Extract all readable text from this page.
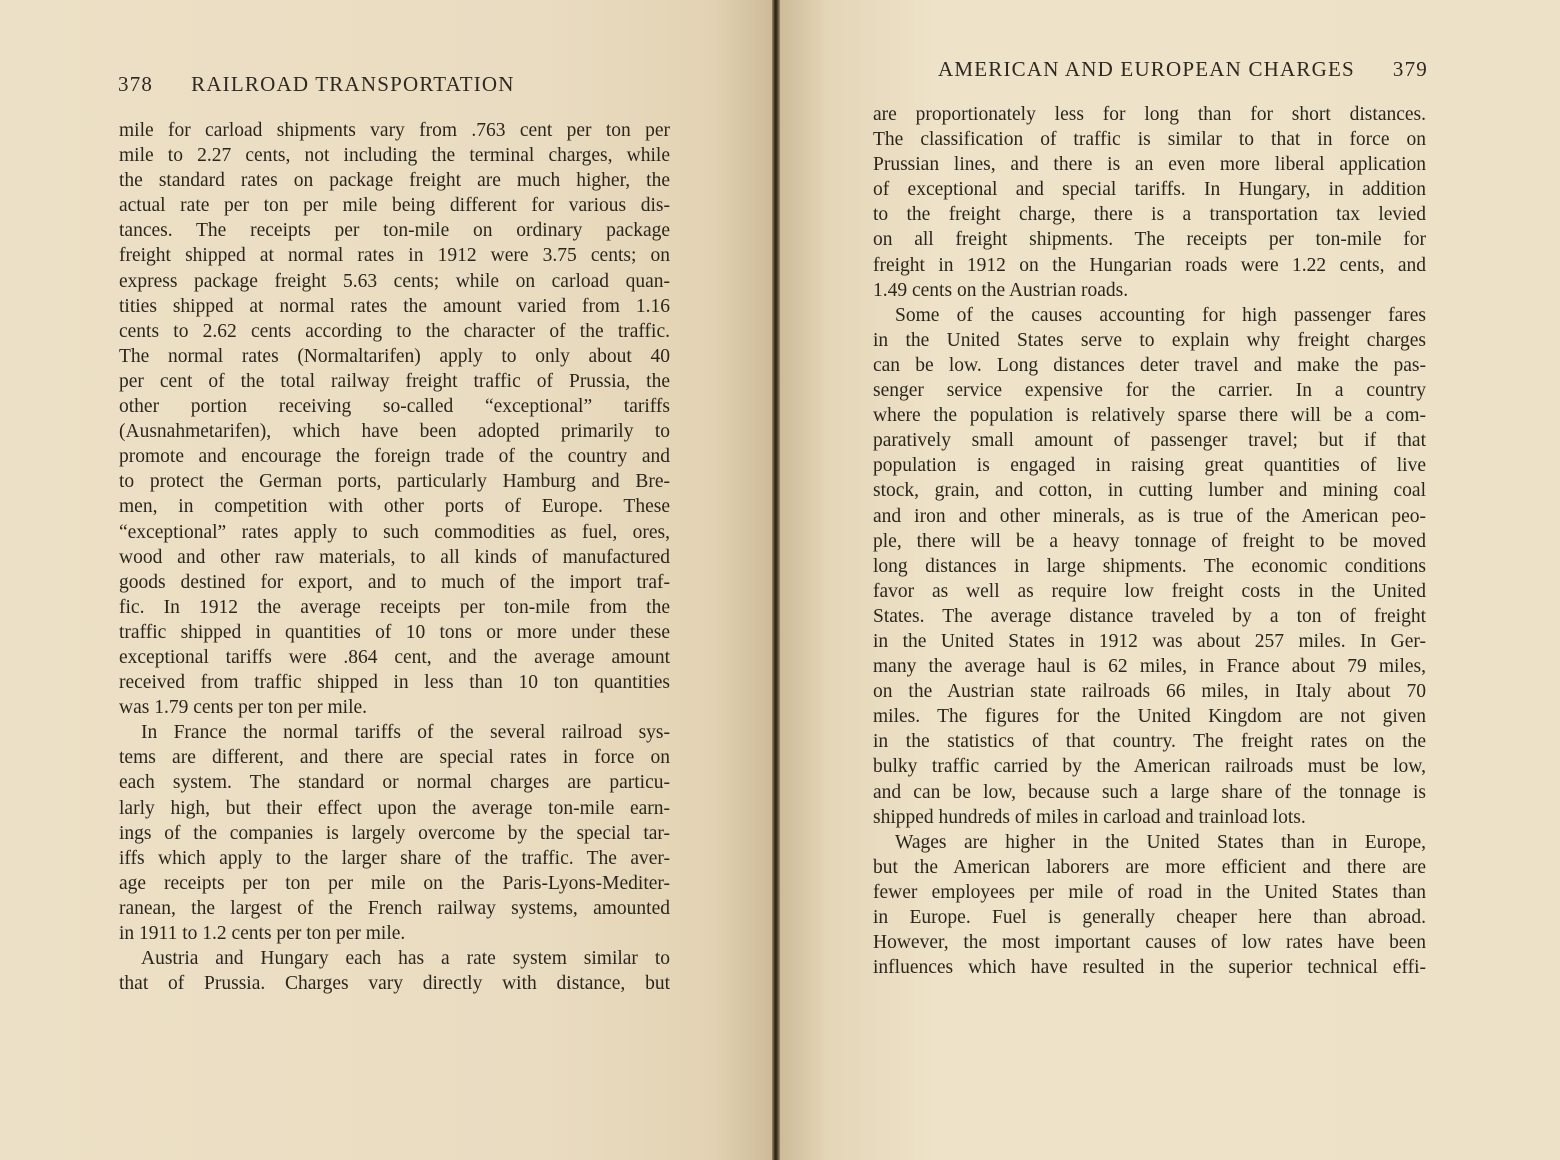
378 RAILROAD TRANSPORTATION
mile for carload shipments vary from .763 cent per ton per
mile to 2.27 cents, not including the terminal charges, while
the standard rates on package freight are much higher, the
actual rate per ton per mile being different for various dis-
tances. The receipts per ton-mile on ordinary package
freight shipped at normal rates in 1912 were 3.75 cents; on
express package freight 5.63 cents; while on carload quan-
tities shipped at normal rates the amount varied from 1.16
cents to 2.62 cents according to the character of the traffic.
The normal rates (Normaltarifen) apply to only about 40
per cent of the total railway freight traffic of Prussia, the
other portion receiving so-called “exceptional” tariffs
(Ausnahmetarifen), which have been adopted primarily to
promote and encourage the foreign trade of the country and
to protect the German ports, particularly Hamburg and Bre-
men, in competition with other ports of Europe. These
“exceptional” rates apply to such commodities as fuel, ores,
wood and other raw materials, to all kinds of manufactured
goods destined for export, and to much of the import traf-
fic. In 1912 the average receipts per ton-mile from the
traffic shipped in quantities of 10 tons or more under these
exceptional tariffs were .864 cent, and the average amount
received from traffic shipped in less than 10 ton quantities
was 1.79 cents per ton per mile.
In France the normal tariffs of the several railroad sys-
tems are different, and there are special rates in force on
each system. The standard or normal charges are particu-
larly high, but their effect upon the average ton-mile earn-
ings of the companies is largely overcome by the special tar-
iffs which apply to the larger share of the traffic. The aver-
age receipts per ton per mile on the Paris-Lyons-Mediter-
ranean, the largest of the French railway systems, amounted
in 1911 to 1.2 cents per ton per mile.
Austria and Hungary each has a rate system similar to
that of Prussia. Charges vary directly with distance, but
AMERICAN AND EUROPEAN CHARGES 379
are proportionately less for long than for short distances.
The classification of traffic is similar to that in force on
Prussian lines, and there is an even more liberal application
of exceptional and special tariffs. In Hungary, in addition
to the freight charge, there is a transportation tax levied
on all freight shipments. The receipts per ton-mile for
freight in 1912 on the Hungarian roads were 1.22 cents, and
1.49 cents on the Austrian roads.
Some of the causes accounting for high passenger fares
in the United States serve to explain why freight charges
can be low. Long distances deter travel and make the pas-
senger service expensive for the carrier. In a country
where the population is relatively sparse there will be a com-
paratively small amount of passenger travel; but if that
population is engaged in raising great quantities of live
stock, grain, and cotton, in cutting lumber and mining coal
and iron and other minerals, as is true of the American peo-
ple, there will be a heavy tonnage of freight to be moved
long distances in large shipments. The economic conditions
favor as well as require low freight costs in the United
States. The average distance traveled by a ton of freight
in the United States in 1912 was about 257 miles. In Ger-
many the average haul is 62 miles, in France about 79 miles,
on the Austrian state railroads 66 miles, in Italy about 70
miles. The figures for the United Kingdom are not given
in the statistics of that country. The freight rates on the
bulky traffic carried by the American railroads must be low,
and can be low, because such a large share of the tonnage is
shipped hundreds of miles in carload and trainload lots.
Wages are higher in the United States than in Europe,
but the American laborers are more efficient and there are
fewer employees per mile of road in the United States than
in Europe. Fuel is generally cheaper here than abroad.
However, the most important causes of low rates have been
influences which have resulted in the superior technical effi-
